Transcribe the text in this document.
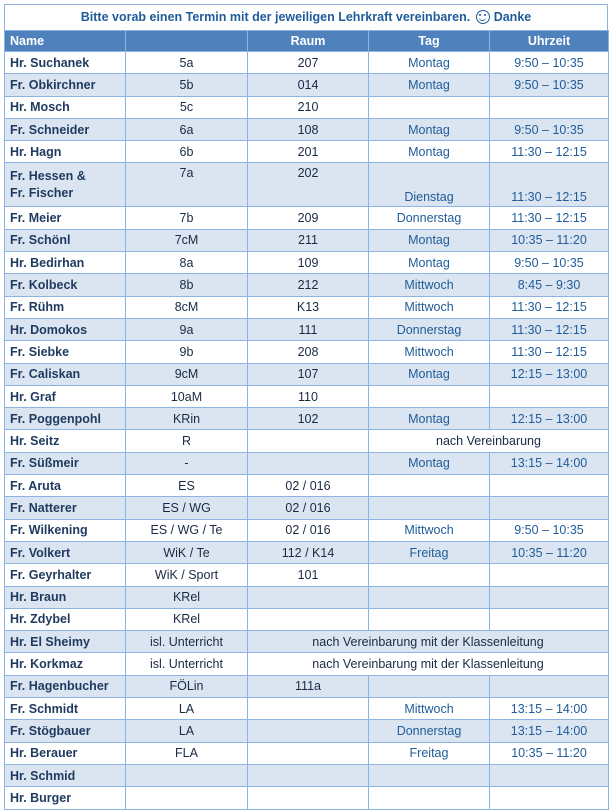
Bitte vorab einen Termin mit der jeweiligen Lehrkraft vereinbaren. Danke
Name		Raum	Tag	Uhrzeit
Hr. Suchanek	5a	207	Montag	9:50 – 10:35
Fr. Obkirchner	5b	014	Montag	9:50 – 10:35
Hr. Mosch	5c	210		
Fr. Schneider	6a	108	Montag	9:50 – 10:35
Hr. Hagn	6b	201	Montag	11:30 – 12:15

Fr. Hessen &
Fr. Fischer	7a	202	Dienstag	11:30 – 12:15
Fr. Meier	7b	209	Donnerstag	11:30 – 12:15
Fr. Schönl	7cM	211	Montag	10:35 – 11:20
Hr. Bedirhan	8a	109	Montag	9:50 – 10:35
Fr. Kolbeck	8b	212	Mittwoch	8:45 – 9:30
Fr. Rühm	8cM	K13	Mittwoch	11:30 – 12:15
Hr. Domokos	9a	111	Donnerstag	11:30 – 12:15
Fr. Siebke	9b	208	Mittwoch	11:30 – 12:15
Fr. Caliskan	9cM	107	Montag	12:15 – 13:00
Hr. Graf	10aM	110		
Fr. Poggenpohl	KRin	102	Montag	12:15 – 13:00
Hr. Seitz	R		nach Vereinbarung	
Fr. Süßmeir	-		Montag	13:15 – 14:00
Fr. Aruta	ES	02 / 016		
Fr. Natterer	ES / WG	02 / 016		
Fr. Wilkening	ES / WG / Te	02 / 016	Mittwoch	9:50 – 10:35
Fr. Volkert	WiK / Te	112 / K14	Freitag	10:35 – 11:20
Fr. Geyrhalter	WiK / Sport	101		
Hr. Braun	KRel			
Hr. Zdybel	KRel			
Hr. El Sheimy	isl. Unterricht	nach Vereinbarung mit der Klassenleitung		
Hr. Korkmaz	isl. Unterricht	nach Vereinbarung mit der Klassenleitung		
Fr. Hagenbucher	FÖLin	111a		
Fr. Schmidt	LA		Mittwoch	13:15 – 14:00
Fr. Stögbauer	LA		Donnerstag	13:15 – 14:00
Hr. Berauer	FLA		Freitag	10:35 – 11:20
Hr. Schmid				
Hr. Burger				
